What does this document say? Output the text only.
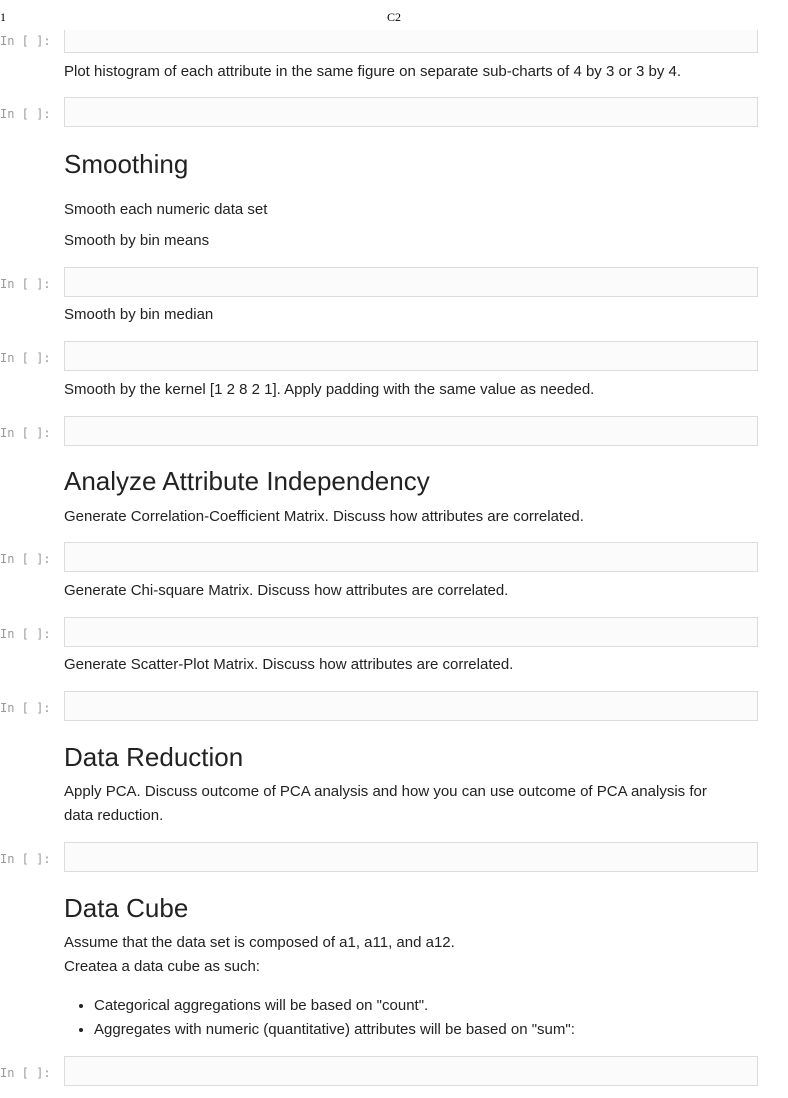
1	C2
In [ ]:
Plot histogram of each attribute in the same figure on separate sub-charts of 4 by 3 or 3 by 4.
In [ ]:
Smoothing
Smooth each numeric data set
Smooth by bin means
In [ ]:
Smooth by bin median
In [ ]:
Smooth by the kernel [1 2 8 2 1]. Apply padding with the same value as needed.
In [ ]:
Analyze Attribute Independency
Generate Correlation-Coefficient Matrix. Discuss how attributes are correlated.
In [ ]:
Generate Chi-square Matrix. Discuss how attributes are correlated.
In [ ]:
Generate Scatter-Plot Matrix. Discuss how attributes are correlated.
In [ ]:
Data Reduction
Apply PCA. Discuss outcome of PCA analysis and how you can use outcome of PCA analysis for
data reduction.
In [ ]:
Data Cube
Assume that the data set is composed of a1, a11, and a12.
Createa a data cube as such:
• Categorical aggregations will be based on "count".
• Aggregates with numeric (quantitative) attributes will be based on "sum":
In [ ]:
